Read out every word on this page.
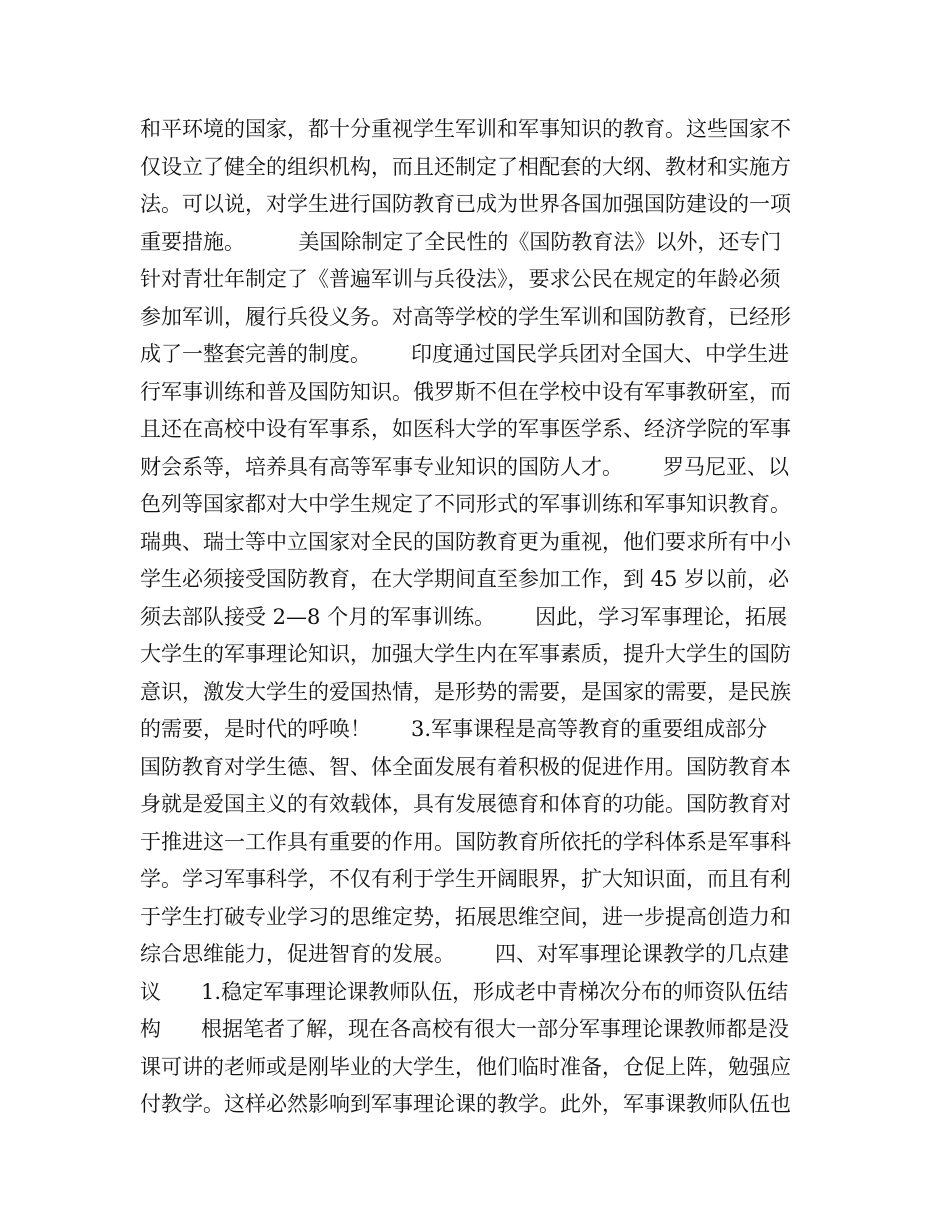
和平环境的国家，都十分重视学生军训和军事知识的教育。这些国家不
仅设立了健全的组织机构，而且还制定了相配套的大纲、教材和实施方
法。可以说，对学生进行国防教育已成为世界各国加强国防建设的一项
重要措施。        美国除制定了全民性的《国防教育法》以外，还专门
针对青壮年制定了《普遍军训与兵役法》，要求公民在规定的年龄必须
参加军训，履行兵役义务。对高等学校的学生军训和国防教育，已经形
成了一整套完善的制度。      印度通过国民学兵团对全国大、中学生进
行军事训练和普及国防知识。俄罗斯不但在学校中设有军事教研室，而
且还在高校中设有军事系，如医科大学的军事医学系、经济学院的军事
财会系等，培养具有高等军事专业知识的国防人才。      罗马尼亚、以
色列等国家都对大中学生规定了不同形式的军事训练和军事知识教育。
瑞典、瑞士等中立国家对全民的国防教育更为重视，他们要求所有中小
学生必须接受国防教育，在大学期间直至参加工作，到 45 岁以前，必
须去部队接受 2—8 个月的军事训练。      因此，学习军事理论，拓展
大学生的军事理论知识，加强大学生内在军事素质，提升大学生的国防
意识，激发大学生的爱国热情，是形势的需要，是国家的需要，是民族
的需要，是时代的呼唤！      3.军事课程是高等教育的重要组成部分
国防教育对学生德、智、体全面发展有着积极的促进作用。国防教育本
身就是爱国主义的有效载体，具有发展德育和体育的功能。国防教育对
于推进这一工作具有重要的作用。国防教育所依托的学科体系是军事科
学。学习军事科学，不仅有利于学生开阔眼界，扩大知识面，而且有利
于学生打破专业学习的思维定势，拓展思维空间，进一步提高创造力和
综合思维能力，促进智育的发展。      四、对军事理论课教学的几点建
议      1.稳定军事理论课教师队伍，形成老中青梯次分布的师资队伍结
构      根据笔者了解，现在各高校有很大一部分军事理论课教师都是没
课可讲的老师或是刚毕业的大学生，他们临时准备，仓促上阵，勉强应
付教学。这样必然影响到军事理论课的教学。此外，军事课教师队伍也
